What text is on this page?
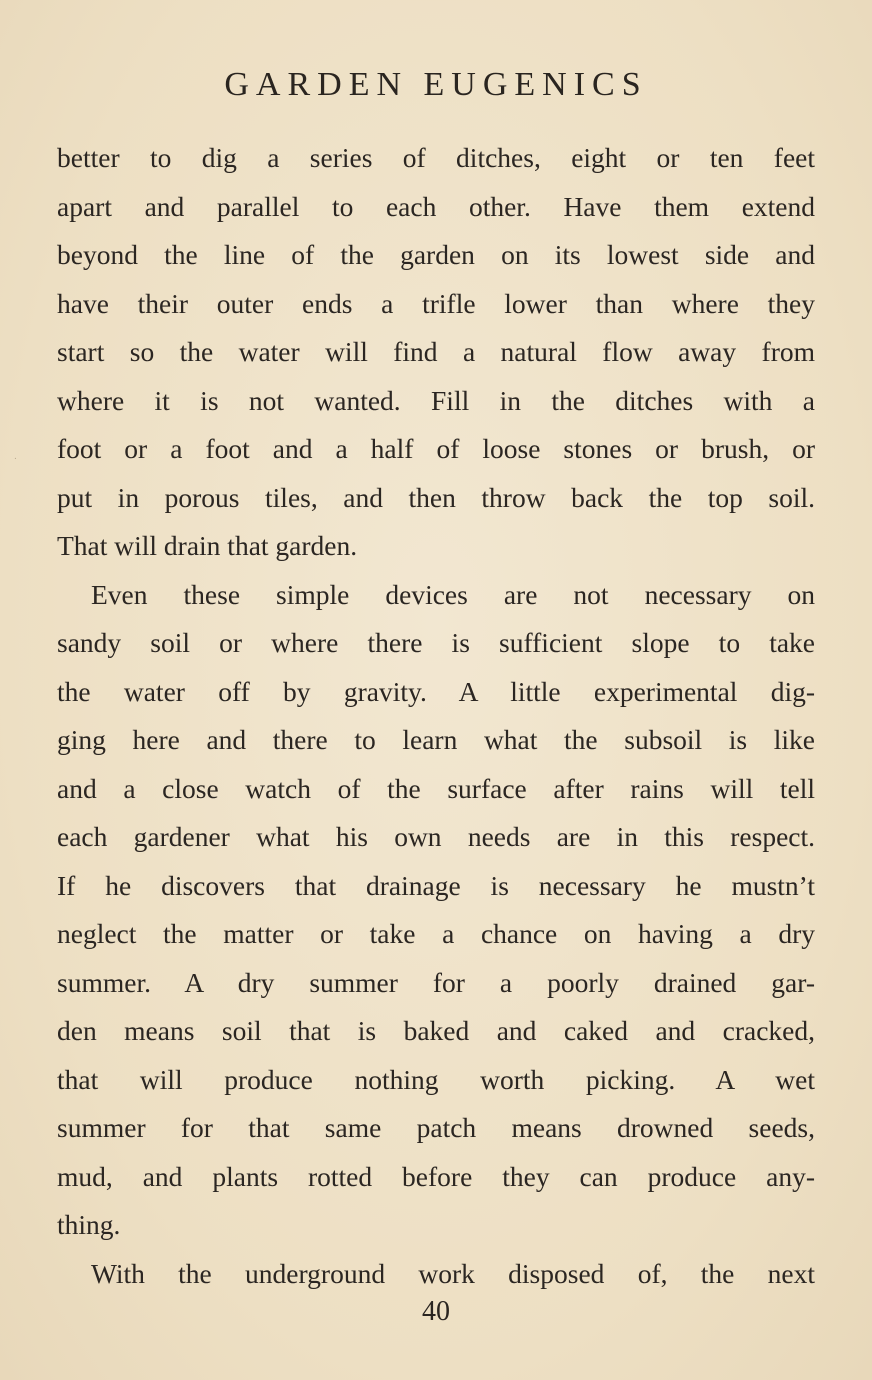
GARDEN EUGENICS
.
better to dig a series of ditches, eight or ten feet
apart and parallel to each other. Have them extend
beyond the line of the garden on its lowest side and
have their outer ends a trifle lower than where they
start so the water will find a natural flow away from
where it is not wanted. Fill in the ditches with a
foot or a foot and a half of loose stones or brush, or
put in porous tiles, and then throw back the top soil.
That will drain that garden.
Even these simple devices are not necessary on
sandy soil or where there is sufficient slope to take
the water off by gravity. A little experimental dig-
ging here and there to learn what the subsoil is like
and a close watch of the surface after rains will tell
each gardener what his own needs are in this respect.
If he discovers that drainage is necessary he mustn’t
neglect the matter or take a chance on having a dry
summer. A dry summer for a poorly drained gar-
den means soil that is baked and caked and cracked,
that will produce nothing worth picking. A wet
summer for that same patch means drowned seeds,
mud, and plants rotted before they can produce any-
thing.
With the underground work disposed of, the next
40
